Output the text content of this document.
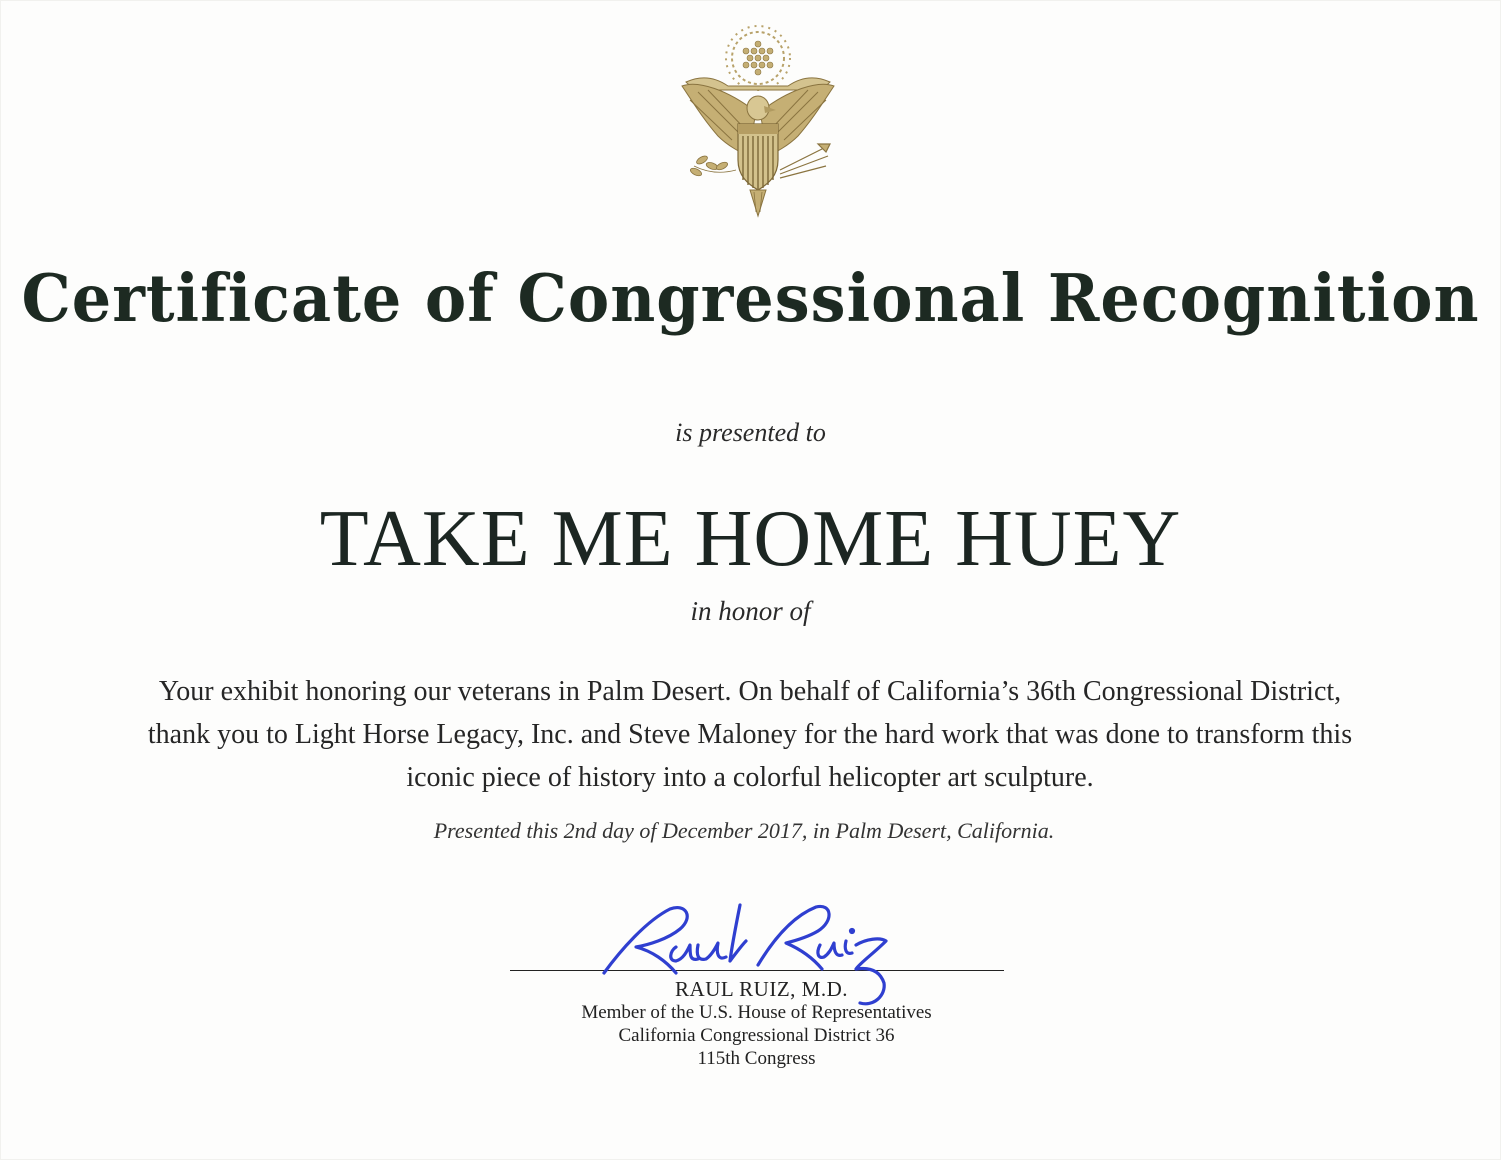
Certificate of Congressional Recognition
is presented to
TAKE ME HOME HUEY
in honor of
Your exhibit honoring our veterans in Palm Desert. On behalf of California’s 36th Congressional District,
thank you to Light Horse Legacy, Inc. and Steve Maloney for the hard work that was done to transform this
iconic piece of history into a colorful helicopter art sculpture.
Presented this 2nd day of December 2017, in Palm Desert, California.
RAUL RUIZ, M.D.
Member of the U.S. House of Representatives
California Congressional District 36
115th Congress
